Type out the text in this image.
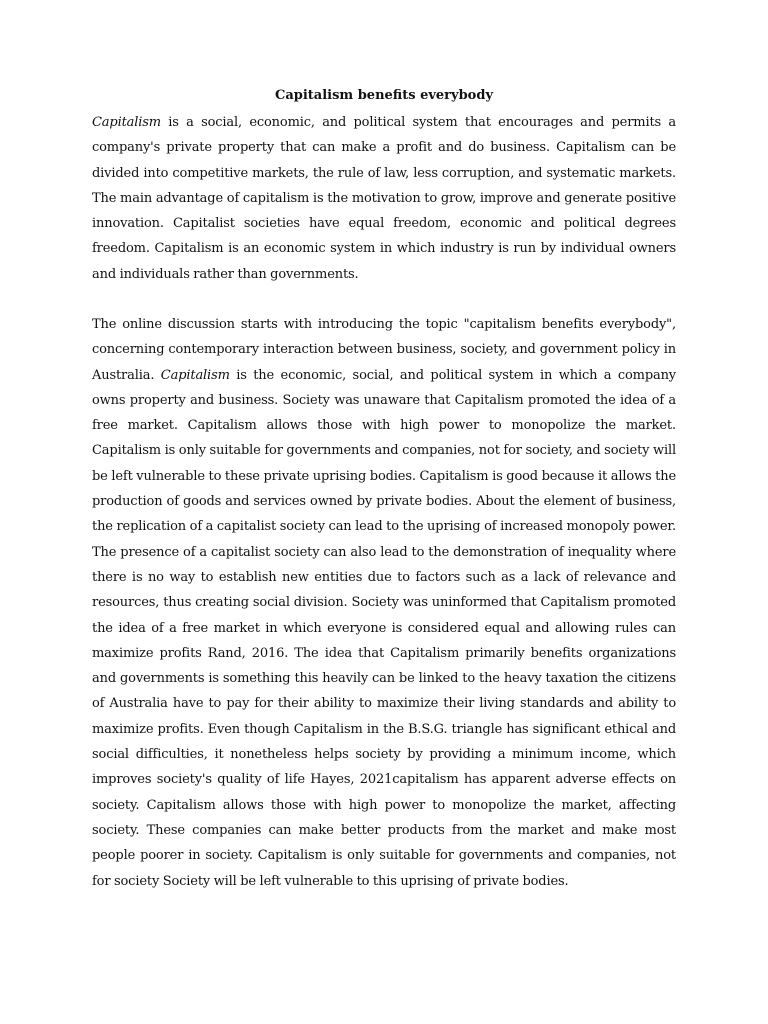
Capitalism benefits everybody

Capitalism is a social, economic, and political system that encourages and permits a company's private property that can make a profit and do business. Capitalism can be divided into competitive markets, the rule of law, less corruption, and systematic markets. The main advantage of capitalism is the motivation to grow, improve and generate positive innovation. Capitalist societies have equal freedom, economic and political degrees freedom. Capitalism is an economic system in which industry is run by individual owners and individuals rather than governments.

The online discussion starts with introducing the topic "capitalism benefits everybody", concerning contemporary interaction between business, society, and government policy in Australia. Capitalism is the economic, social, and political system in which a company owns property and business. Society was unaware that Capitalism promoted the idea of a free market. Capitalism allows those with high power to monopolize the market. Capitalism is only suitable for governments and companies, not for society, and society will be left vulnerable to these private uprising bodies. Capitalism is good because it allows the production of goods and services owned by private bodies. About the element of business, the replication of a capitalist society can lead to the uprising of increased monopoly power. The presence of a capitalist society can also lead to the demonstration of inequality where there is no way to establish new entities due to factors such as a lack of relevance and resources, thus creating social division. Society was uninformed that Capitalism promoted the idea of a free market in which everyone is considered equal and allowing rules can maximize profits Rand, 2016. The idea that Capitalism primarily benefits organizations and governments is something this heavily can be linked to the heavy taxation the citizens of Australia have to pay for their ability to maximize their living standards and ability to maximize profits. Even though Capitalism in the B.S.G. triangle has significant ethical and social difficulties, it nonetheless helps society by providing a minimum income, which improves society's quality of life Hayes, 2021capitalism has apparent adverse effects on society. Capitalism allows those with high power to monopolize the market, affecting society. These companies can make better products from the market and make most people poorer in society. Capitalism is only suitable for governments and companies, not for society Society will be left vulnerable to this uprising of private bodies.
